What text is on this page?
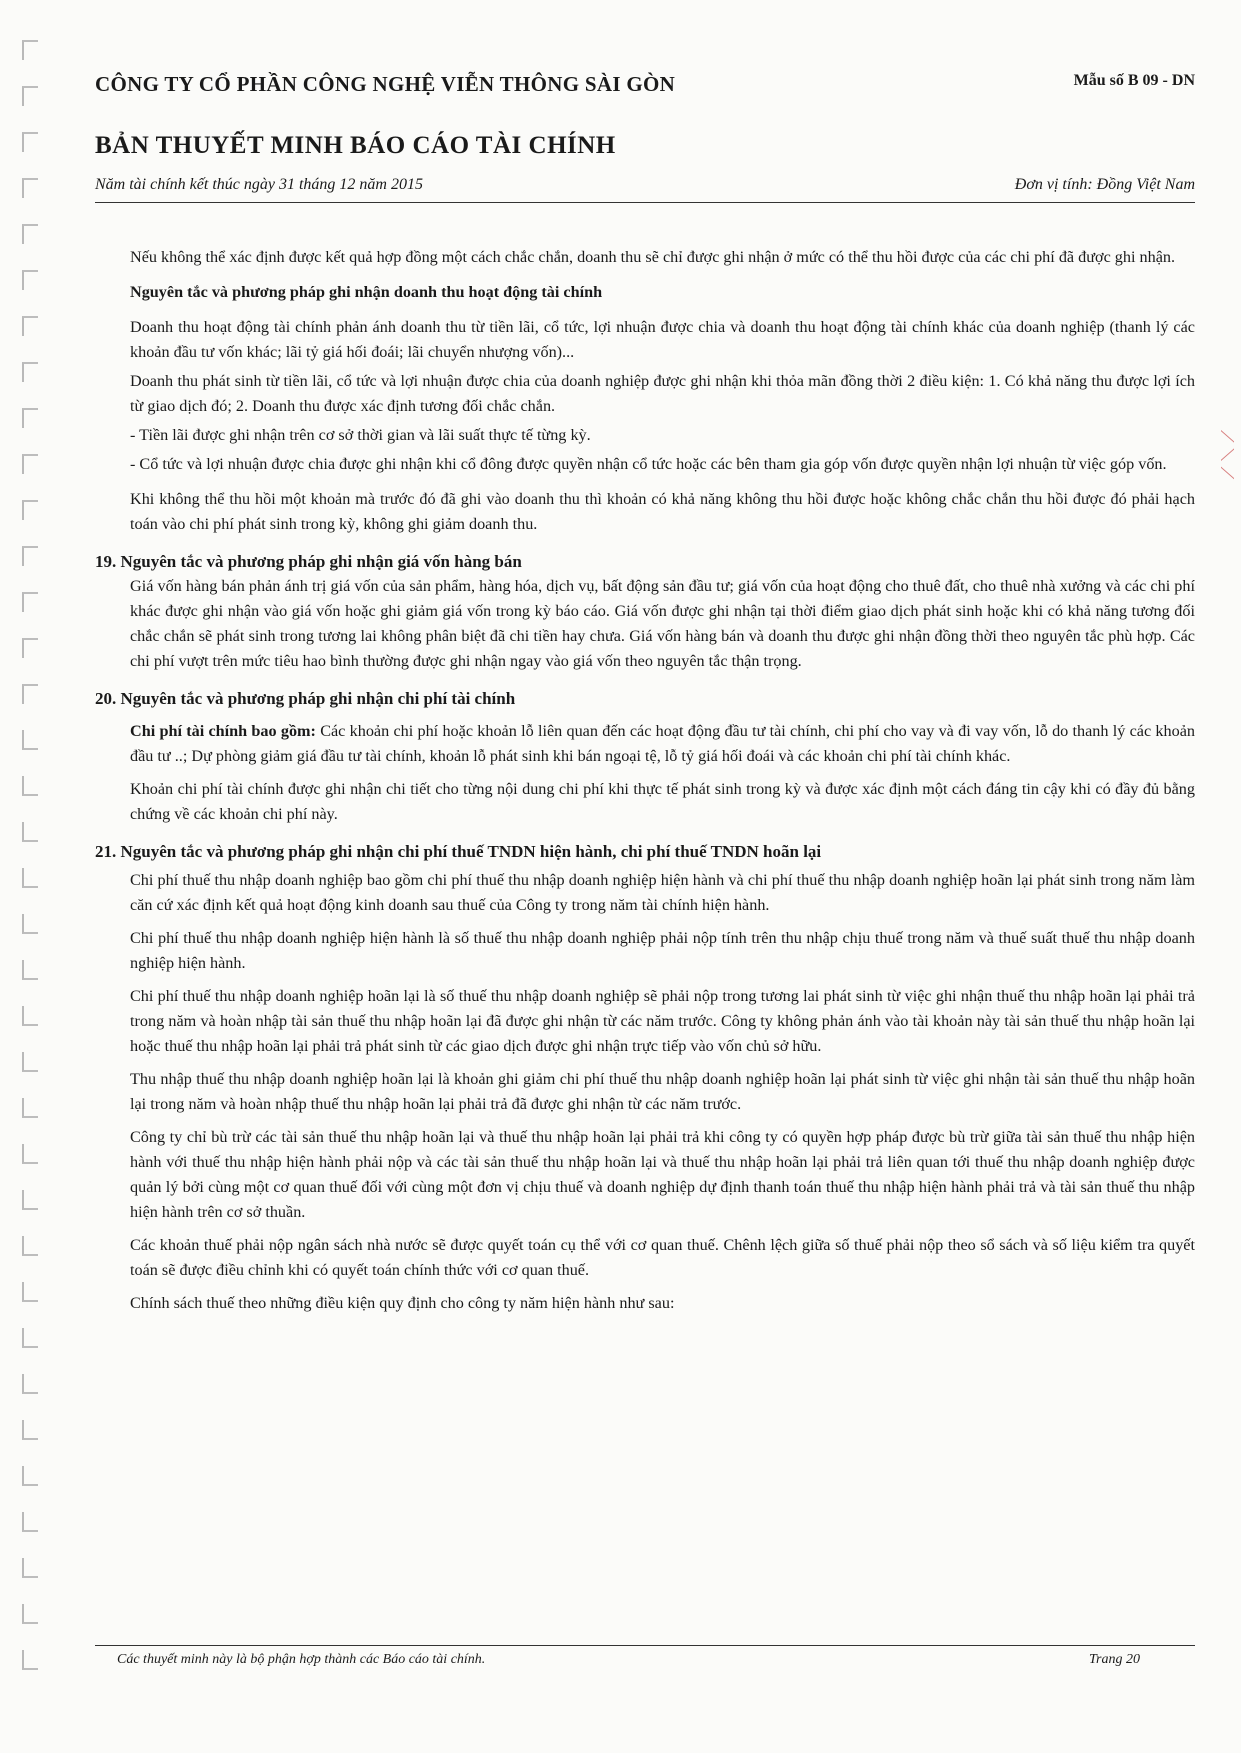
⟋ ⟍ ⟋
CÔNG TY CỔ PHẦN CÔNG NGHỆ VIỄN THÔNG SÀI GÒN	Mẫu số B 09 - DN
BẢN THUYẾT MINH BÁO CÁO TÀI CHÍNH
Năm tài chính kết thúc ngày 31 tháng 12 năm 2015	Đơn vị tính: Đồng Việt Nam

Nếu không thể xác định được kết quả hợp đồng một cách chắc chắn, doanh thu sẽ chỉ được ghi nhận ở mức có thể thu hồi được của các chi phí đã được ghi nhận.

Nguyên tắc và phương pháp ghi nhận doanh thu hoạt động tài chính

Doanh thu hoạt động tài chính phản ánh doanh thu từ tiền lãi, cổ tức, lợi nhuận được chia và doanh thu hoạt động tài chính khác của doanh nghiệp (thanh lý các khoản đầu tư vốn khác; lãi tỷ giá hối đoái; lãi chuyển nhượng vốn)...

Doanh thu phát sinh từ tiền lãi, cổ tức và lợi nhuận được chia của doanh nghiệp được ghi nhận khi thỏa mãn đồng thời 2 điều kiện: 1. Có khả năng thu được lợi ích từ giao dịch đó; 2. Doanh thu được xác định tương đối chắc chắn.

- Tiền lãi được ghi nhận trên cơ sở thời gian và lãi suất thực tế từng kỳ.

- Cổ tức và lợi nhuận được chia được ghi nhận khi cổ đông được quyền nhận cổ tức hoặc các bên tham gia góp vốn được quyền nhận lợi nhuận từ việc góp vốn.

Khi không thể thu hồi một khoản mà trước đó đã ghi vào doanh thu thì khoản có khả năng không thu hồi được hoặc không chắc chắn thu hồi được đó phải hạch toán vào chi phí phát sinh trong kỳ, không ghi giảm doanh thu.

19. Nguyên tắc và phương pháp ghi nhận giá vốn hàng bán

Giá vốn hàng bán phản ánh trị giá vốn của sản phẩm, hàng hóa, dịch vụ, bất động sản đầu tư; giá vốn của hoạt động cho thuê đất, cho thuê nhà xưởng và các chi phí khác được ghi nhận vào giá vốn hoặc ghi giảm giá vốn trong kỳ báo cáo. Giá vốn được ghi nhận tại thời điểm giao dịch phát sinh hoặc khi có khả năng tương đối chắc chắn sẽ phát sinh trong tương lai không phân biệt đã chi tiền hay chưa. Giá vốn hàng bán và doanh thu được ghi nhận đồng thời theo nguyên tắc phù hợp. Các chi phí vượt trên mức tiêu hao bình thường được ghi nhận ngay vào giá vốn theo nguyên tắc thận trọng.

20. Nguyên tắc và phương pháp ghi nhận chi phí tài chính

Chi phí tài chính bao gồm: Các khoản chi phí hoặc khoản lỗ liên quan đến các hoạt động đầu tư tài chính, chi phí cho vay và đi vay vốn, lỗ do thanh lý các khoản đầu tư ..; Dự phòng giảm giá đầu tư tài chính, khoản lỗ phát sinh khi bán ngoại tệ, lỗ tỷ giá hối đoái và các khoản chi phí tài chính khác.

Khoản chi phí tài chính được ghi nhận chi tiết cho từng nội dung chi phí khi thực tế phát sinh trong kỳ và được xác định một cách đáng tin cậy khi có đầy đủ bằng chứng về các khoản chi phí này.

21. Nguyên tắc và phương pháp ghi nhận chi phí thuế TNDN hiện hành, chi phí thuế TNDN hoãn lại

Chi phí thuế thu nhập doanh nghiệp bao gồm chi phí thuế thu nhập doanh nghiệp hiện hành và chi phí thuế thu nhập doanh nghiệp hoãn lại phát sinh trong năm làm căn cứ xác định kết quả hoạt động kinh doanh sau thuế của Công ty trong năm tài chính hiện hành.

Chi phí thuế thu nhập doanh nghiệp hiện hành là số thuế thu nhập doanh nghiệp phải nộp tính trên thu nhập chịu thuế trong năm và thuế suất thuế thu nhập doanh nghiệp hiện hành.

Chi phí thuế thu nhập doanh nghiệp hoãn lại là số thuế thu nhập doanh nghiệp sẽ phải nộp trong tương lai phát sinh từ việc ghi nhận thuế thu nhập hoãn lại phải trả trong năm và hoàn nhập tài sản thuế thu nhập hoãn lại đã được ghi nhận từ các năm trước. Công ty không phản ánh vào tài khoản này tài sản thuế thu nhập hoãn lại hoặc thuế thu nhập hoãn lại phải trả phát sinh từ các giao dịch được ghi nhận trực tiếp vào vốn chủ sở hữu.

Thu nhập thuế thu nhập doanh nghiệp hoãn lại là khoản ghi giảm chi phí thuế thu nhập doanh nghiệp hoãn lại phát sinh từ việc ghi nhận tài sản thuế thu nhập hoãn lại trong năm và hoàn nhập thuế thu nhập hoãn lại phải trả đã được ghi nhận từ các năm trước.

Công ty chỉ bù trừ các tài sản thuế thu nhập hoãn lại và thuế thu nhập hoãn lại phải trả khi công ty có quyền hợp pháp được bù trừ giữa tài sản thuế thu nhập hiện hành với thuế thu nhập hiện hành phải nộp và các tài sản thuế thu nhập hoãn lại và thuế thu nhập hoãn lại phải trả liên quan tới thuế thu nhập doanh nghiệp được quản lý bởi cùng một cơ quan thuế đối với cùng một đơn vị chịu thuế và doanh nghiệp dự định thanh toán thuế thu nhập hiện hành phải trả và tài sản thuế thu nhập hiện hành trên cơ sở thuần.

Các khoản thuế phải nộp ngân sách nhà nước sẽ được quyết toán cụ thể với cơ quan thuế. Chênh lệch giữa số thuế phải nộp theo sổ sách và số liệu kiểm tra quyết toán sẽ được điều chỉnh khi có quyết toán chính thức với cơ quan thuế.

Chính sách thuế theo những điều kiện quy định cho công ty năm hiện hành như sau:

Các thuyết minh này là bộ phận hợp thành các Báo cáo tài chính.	Trang 20
